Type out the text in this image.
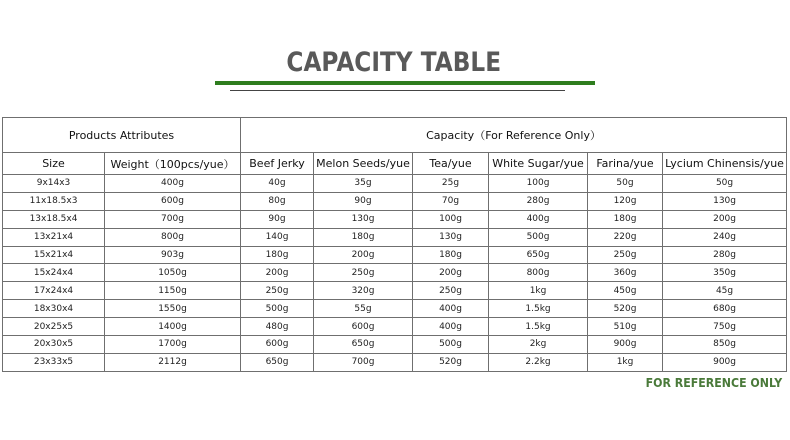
CAPACITY TABLE
Products Attributes		Capacity（For Reference Only）					
Size	Weight（100pcs/yue）	Beef Jerky	Melon Seeds/yue	Tea/yue	White Sugar/yue	Farina/yue	Lycium Chinensis/yue
9x14x3	400g	40g	35g	25g	100g	50g	50g
11x18.5x3	600g	80g	90g	70g	280g	120g	130g
13x18.5x4	700g	90g	130g	100g	400g	180g	200g
13x21x4	800g	140g	180g	130g	500g	220g	240g
15x21x4	903g	180g	200g	180g	650g	250g	280g
15x24x4	1050g	200g	250g	200g	800g	360g	350g
17x24x4	1150g	250g	320g	250g	1kg	450g	45g
18x30x4	1550g	500g	55g	400g	1.5kg	520g	680g
20x25x5	1400g	480g	600g	400g	1.5kg	510g	750g
20x30x5	1700g	600g	650g	500g	2kg	900g	850g
23x33x5	2112g	650g	700g	520g	2.2kg	1kg	900g
FOR REFERENCE ONLY
